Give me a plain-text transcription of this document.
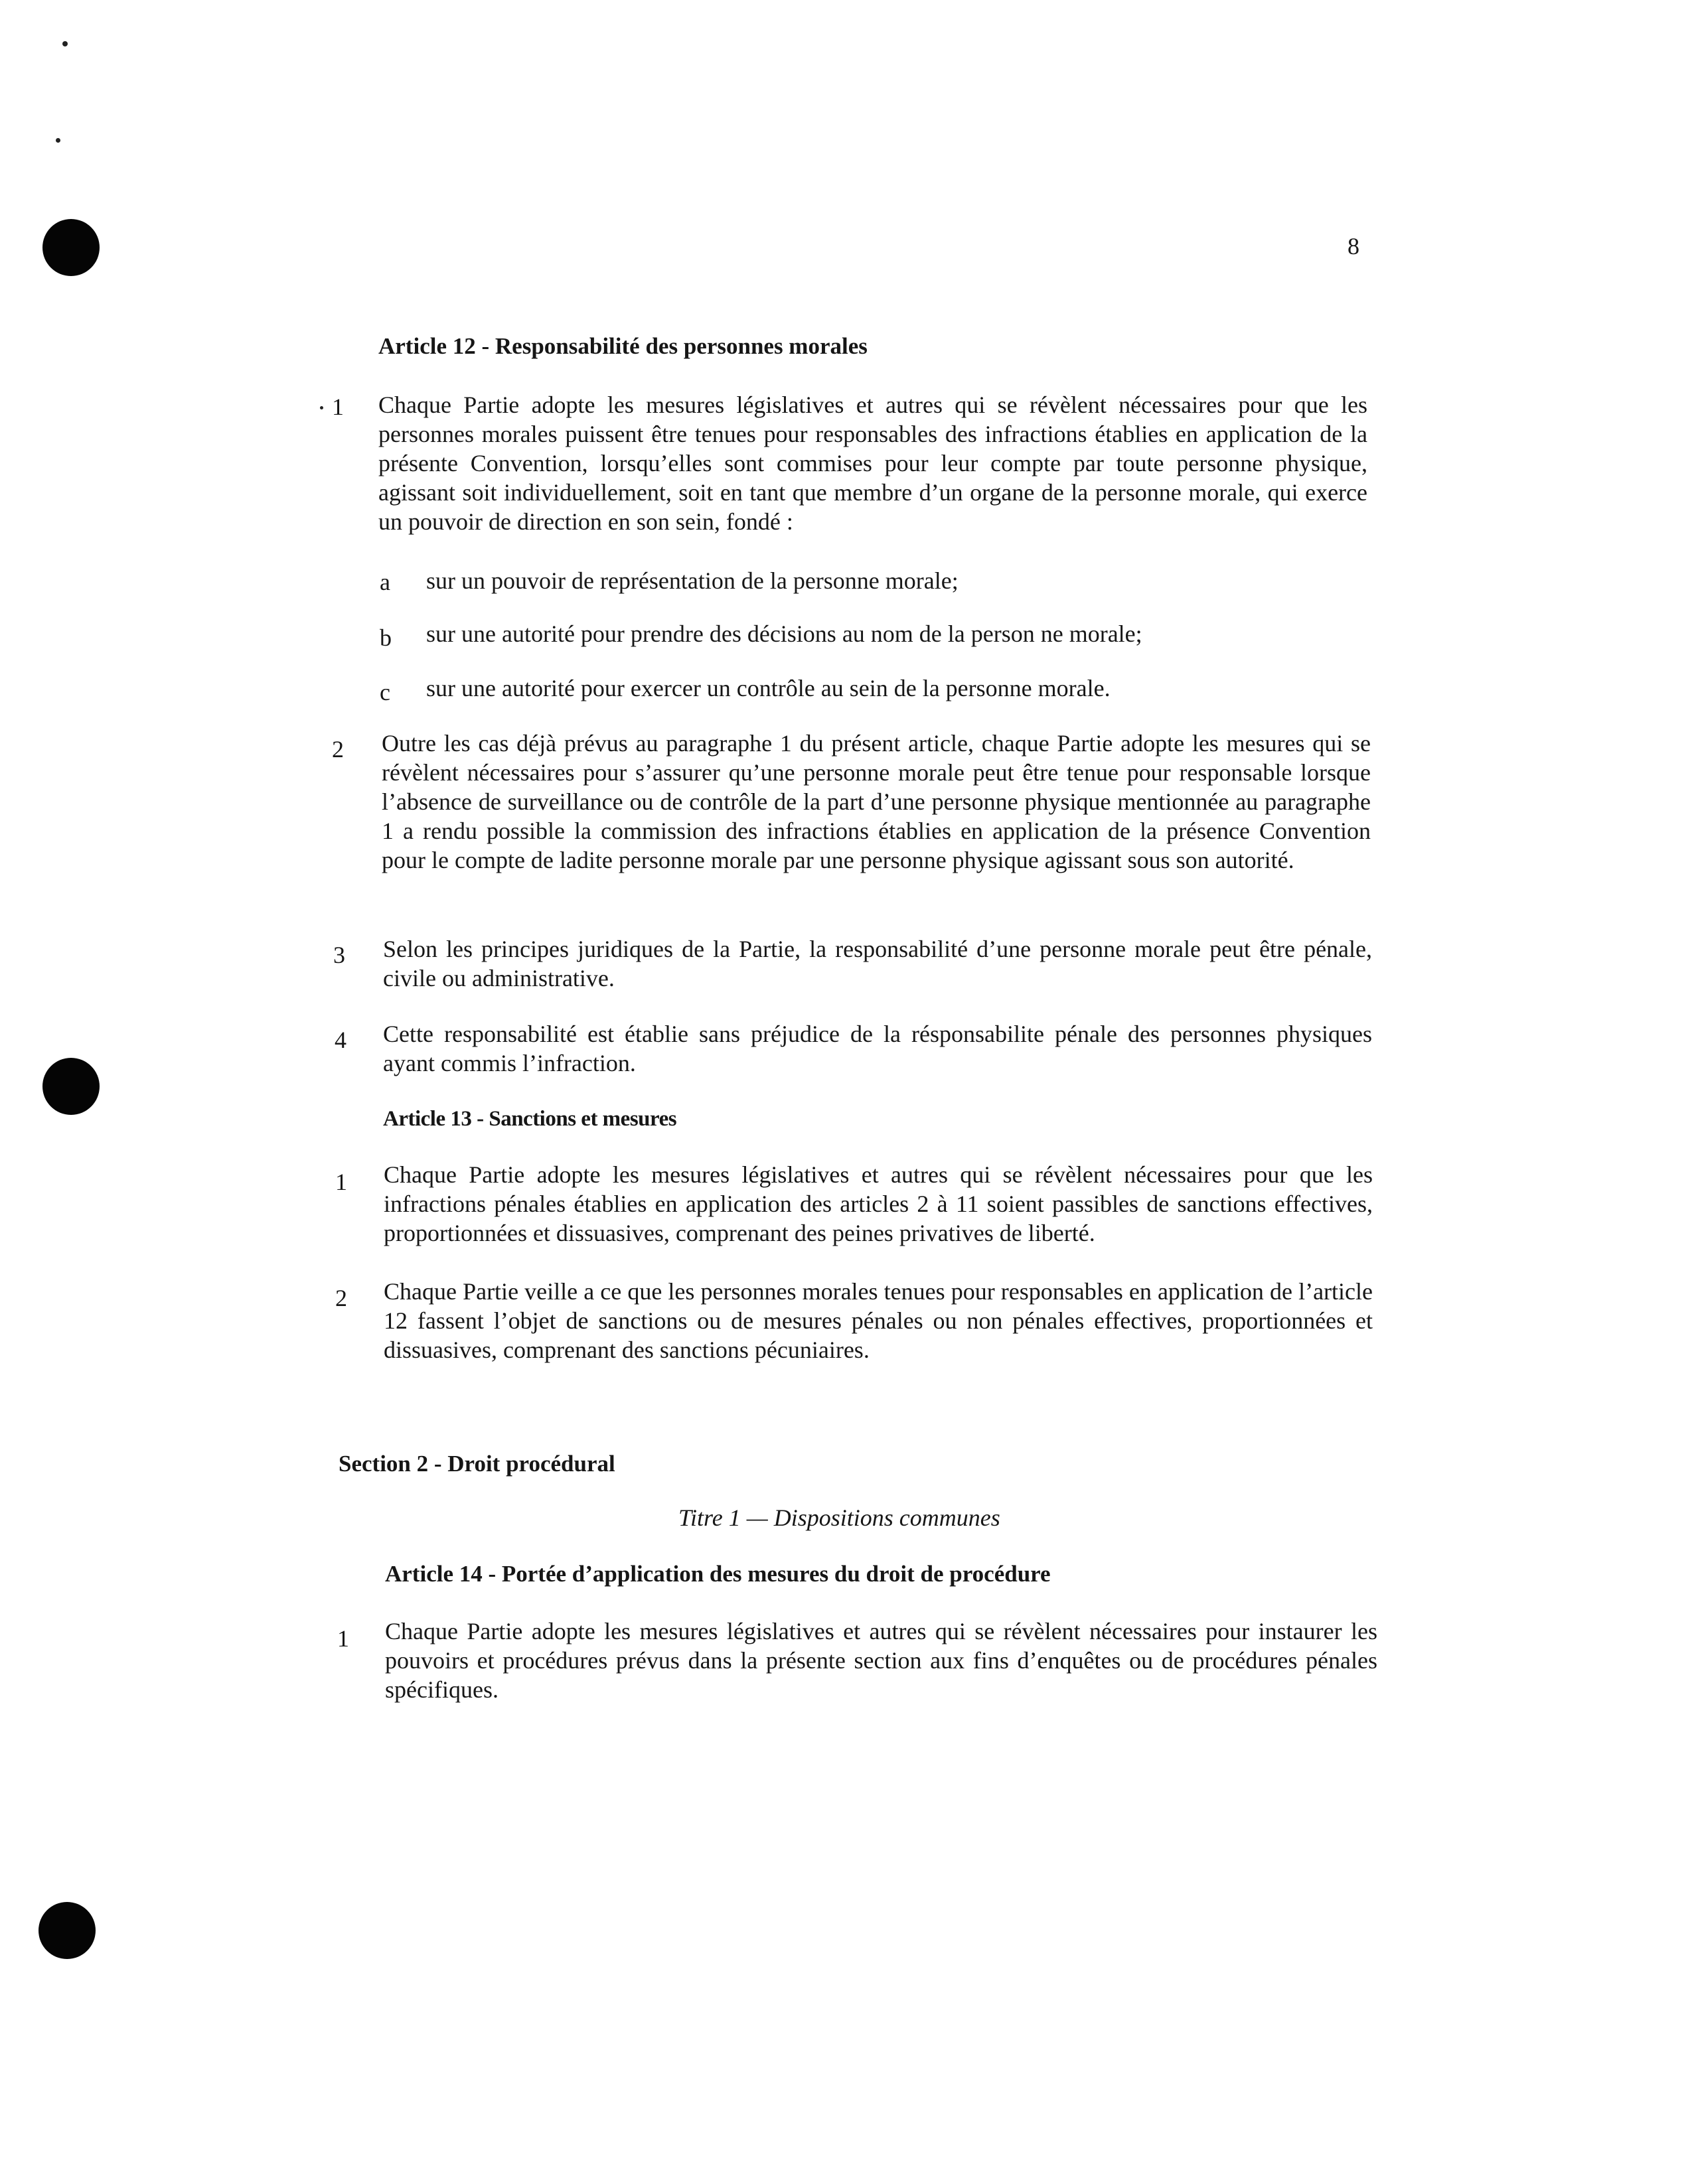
8
Article 12 - Responsabilité des personnes morales
1	Chaque Partie adopte les mesures législatives et autres qui se révèlent nécessaires pour que les personnes morales puissent être tenues pour responsables des infractions établies en application de la présente Convention, lorsqu’elles sont commises pour leur compte par toute personne physique, agissant soit individuellement, soit en tant que membre d’un organe de la personne morale, qui exerce un pouvoir de direction en son sein, fondé :
a sur un pouvoir de représentation de la personne morale;
b sur une autorité pour prendre des décisions au nom de la person ne morale;
c sur une autorité pour exercer un contrôle au sein de la personne morale.
2	Outre les cas déjà prévus au paragraphe 1 du présent article, chaque Partie adopte les mesures qui se révèlent nécessaires pour s’assurer qu’une personne morale peut être tenue pour responsable lorsque l’absence de surveillance ou de contrôle de la part d’une personne physique mentionnée au paragraphe 1 a rendu possible la commission des infractions établies en application de la présence Convention pour le compte de ladite personne morale par une personne physique agissant sous son autorité.
3	Selon les principes juridiques de la Partie, la responsabilité d’une personne morale peut être pénale, civile ou administrative.
4	Cette responsabilité est établie sans préjudice de la résponsabilite pénale des personnes physiques ayant commis l’infraction.
Article 13 - Sanctions et mesures
1	Chaque Partie adopte les mesures législatives et autres qui se révèlent nécessaires pour que les infractions pénales établies en application des articles 2 à 11 soient passibles de sanctions effectives, proportionnées et dissuasives, comprenant des peines privatives de liberté.
2	Chaque Partie veille a ce que les personnes morales tenues pour responsables en application de l’article 12 fassent l’objet de sanctions ou de mesures pénales ou non pénales effectives, proportionnées et dissuasives, comprenant des sanctions pécuniaires.
Section 2 - Droit procédural
Titre 1 — Dispositions communes
Article 14 - Portée d’application des mesures du droit de procédure
1	Chaque Partie adopte les mesures législatives et autres qui se révèlent nécessaires pour instaurer les pouvoirs et procédures prévus dans la présente section aux fins d’enquêtes ou de procédures pénales spécifiques.
